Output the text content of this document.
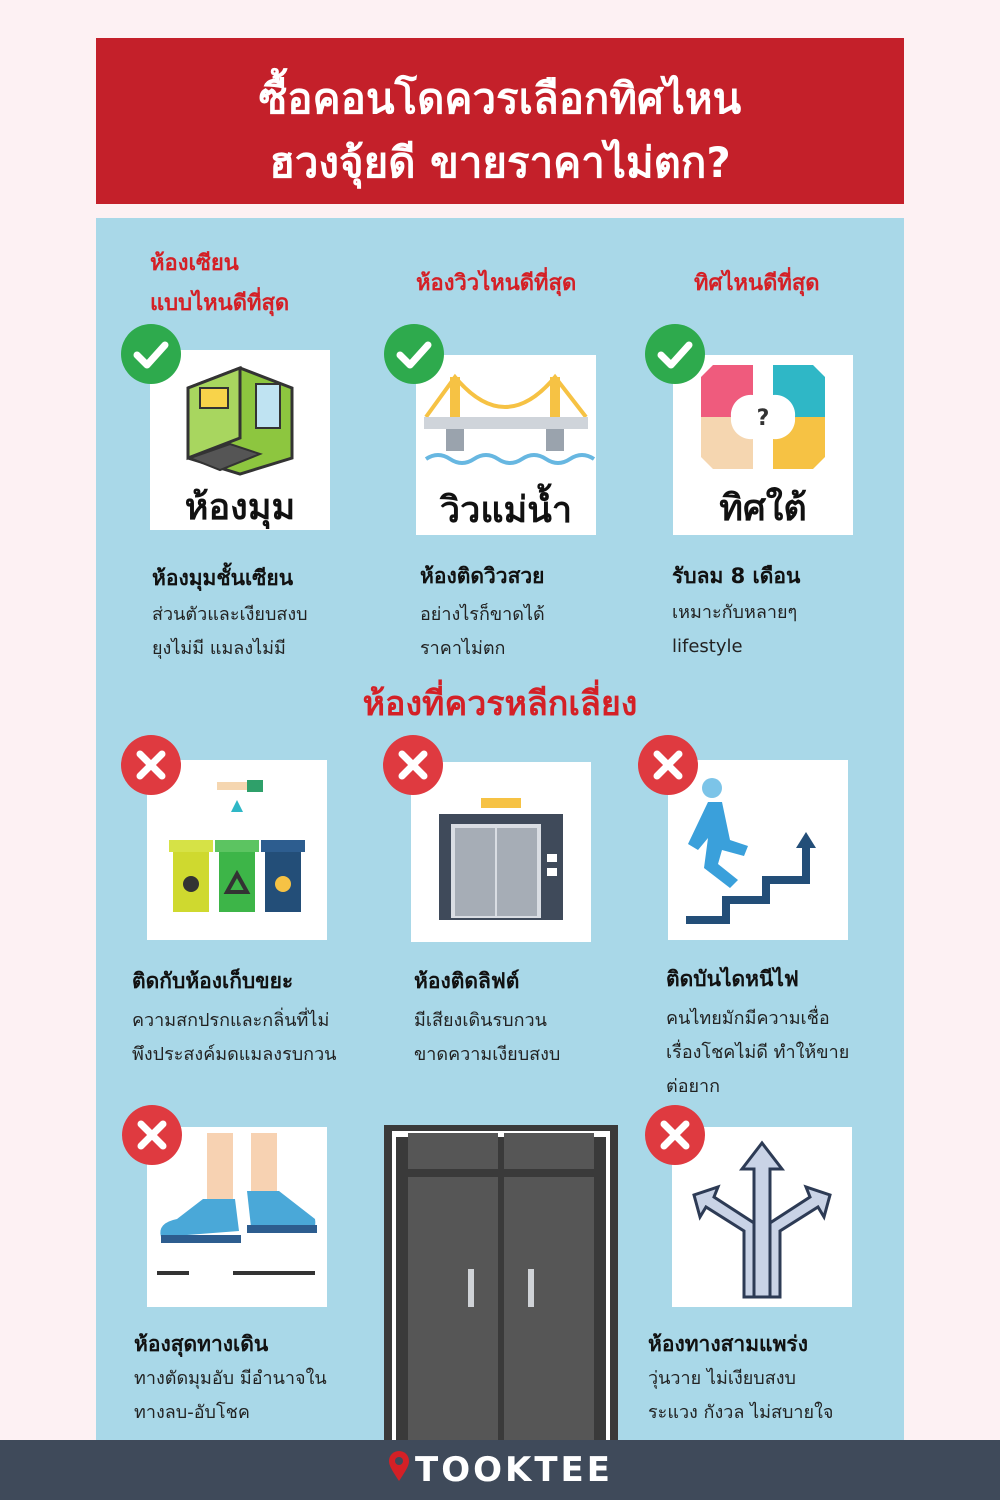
ซื้อคอนโดควรเลือกทิศไหน
ฮวงจุ้ยดี ขายราคาไม่ตก?
ห้องเซียน
แบบไหนดีที่สุด
ห้องวิวไหนดีที่สุด	ทิศไหนดีที่สุด
ห้องมุม	วิวแม่น้ำ
?
ทิศใต้
ห้องมุมชั้นเซียน
ส่วนตัวและเงียบสงบ
ยุงไม่มี แมลงไม่มี
ห้องติดวิวสวย
อย่างไรก็ขาดได้
ราคาไม่ตก
รับลม 8 เดือน
เหมาะกับหลายๆ
lifestyle
ห้องที่ควรหลีกเลี่ยง
ติดกับห้องเก็บขยะ
ความสกปรกและกลิ่นที่ไม่
พึงประสงค์มดแมลงรบกวน
ห้องติดลิฟต์
มีเสียงเดินรบกวน
ขาดความเงียบสงบ
ติดบันไดหนีไฟ
คนไทยมักมีความเชื่อ
เรื่องโชคไม่ดี ทำให้ขาย
ต่อยาก
ห้องสุดทางเดิน
ทางตัดมุมอับ มีอำนาจใน
ทางลบ-อับโชค
ห้องทางสามแพร่ง
วุ่นวาย ไม่เงียบสงบ
ระแวง กังวล ไม่สบายใจ
TOOKTEE
